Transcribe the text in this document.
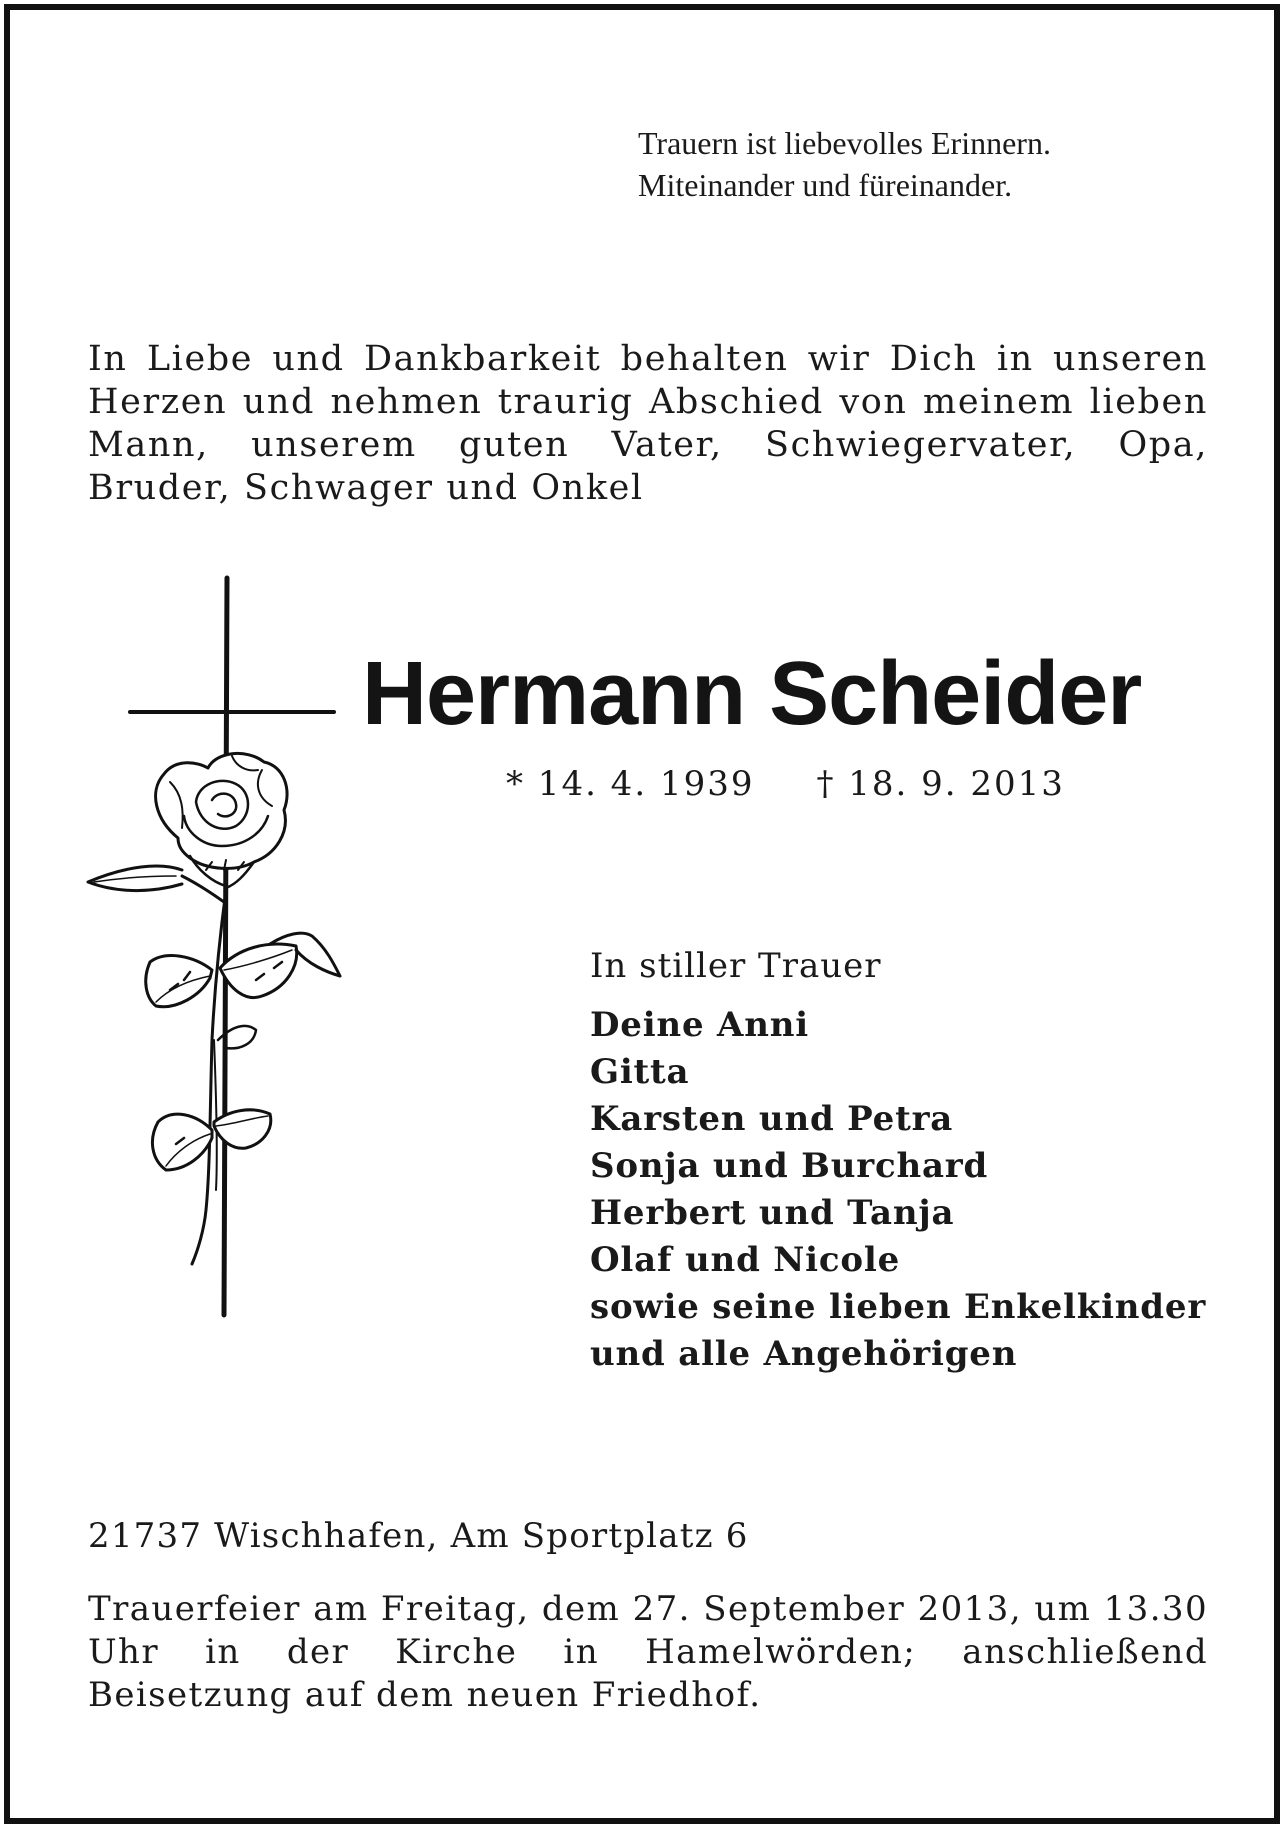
Trauern ist liebevolles Erinnern.
Miteinander und füreinander.

In Liebe und Dankbarkeit behalten wir Dich in unseren Herzen und nehmen traurig Abschied von meinem lieben Mann, unserem guten Vater, Schwiegervater, Opa, Bruder, Schwager und Onkel

Hermann Scheider
* 14. 4. 1939 † 18. 9. 2013
In stiller Trauer
Deine Anni
Gitta
Karsten und Petra
Sonja und Burchard
Herbert und Tanja
Olaf und Nicole
sowie seine lieben Enkelkinder
und alle Angehörigen
21737 Wischhafen, Am Sportplatz 6

Trauerfeier am Freitag, dem 27. September 2013, um 13.30 Uhr in der Kirche in Hamelwörden; anschließend Beisetzung auf dem neuen Friedhof.
